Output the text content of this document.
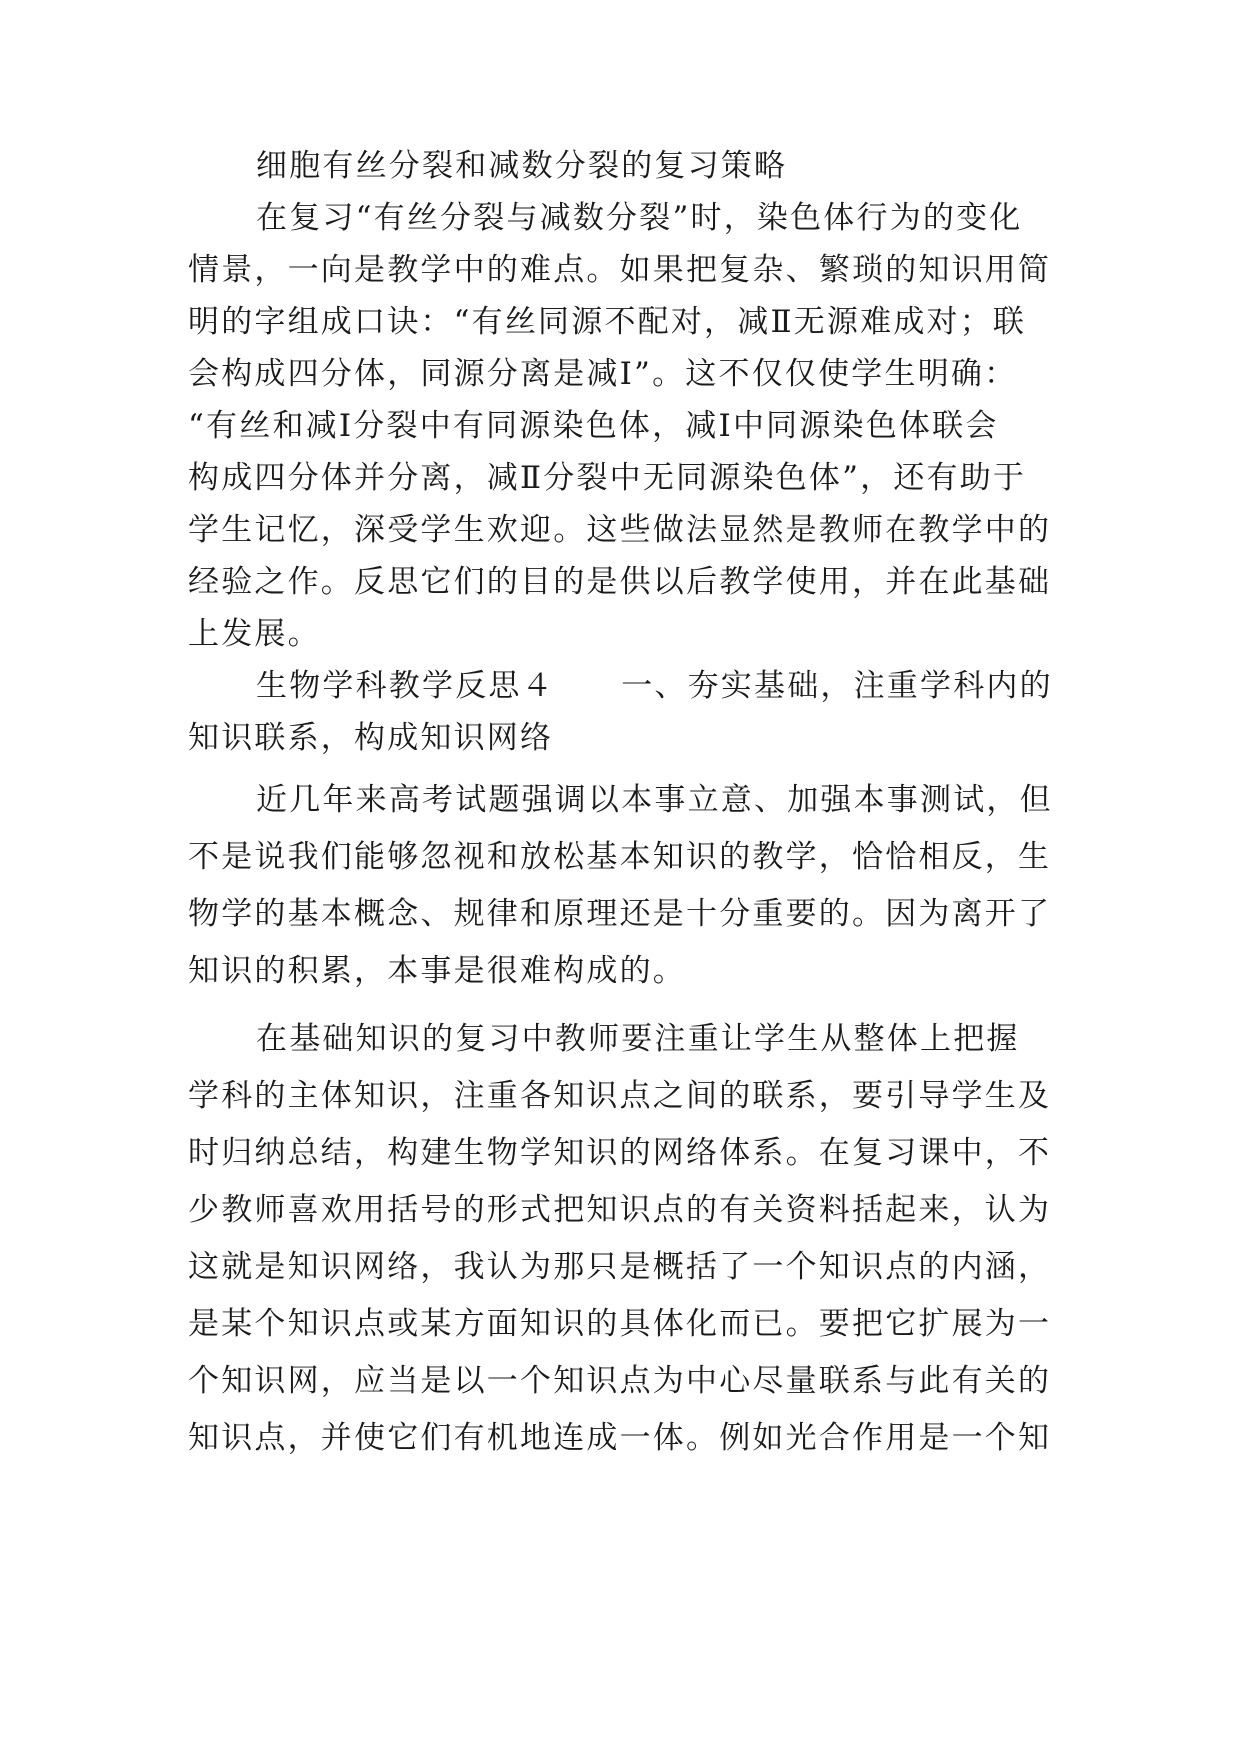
细胞有丝分裂和减数分裂的复习策略
在复习“有丝分裂与减数分裂”时，染色体行为的变化
情景，一向是教学中的难点。如果把复杂、繁琐的知识用简
明的字组成口诀：“有丝同源不配对，减Ⅱ无源难成对；联
会构成四分体，同源分离是减Ⅰ”。这不仅仅使学生明确：
“有丝和减Ⅰ分裂中有同源染色体，减Ⅰ中同源染色体联会
构成四分体并分离，减Ⅱ分裂中无同源染色体”，还有助于
学生记忆，深受学生欢迎。这些做法显然是教师在教学中的
经验之作。反思它们的目的是供以后教学使用，并在此基础
上发展。
生物学科教学反思４　　一、夯实基础，注重学科内的
知识联系，构成知识网络
近几年来高考试题强调以本事立意、加强本事测试，但
不是说我们能够忽视和放松基本知识的教学，恰恰相反，生
物学的基本概念、规律和原理还是十分重要的。因为离开了
知识的积累，本事是很难构成的。
在基础知识的复习中教师要注重让学生从整体上把握
学科的主体知识，注重各知识点之间的联系，要引导学生及
时归纳总结，构建生物学知识的网络体系。在复习课中，不
少教师喜欢用括号的形式把知识点的有关资料括起来，认为
这就是知识网络，我认为那只是概括了一个知识点的内涵，
是某个知识点或某方面知识的具体化而已。要把它扩展为一
个知识网，应当是以一个知识点为中心尽量联系与此有关的
知识点，并使它们有机地连成一体。例如光合作用是一个知
